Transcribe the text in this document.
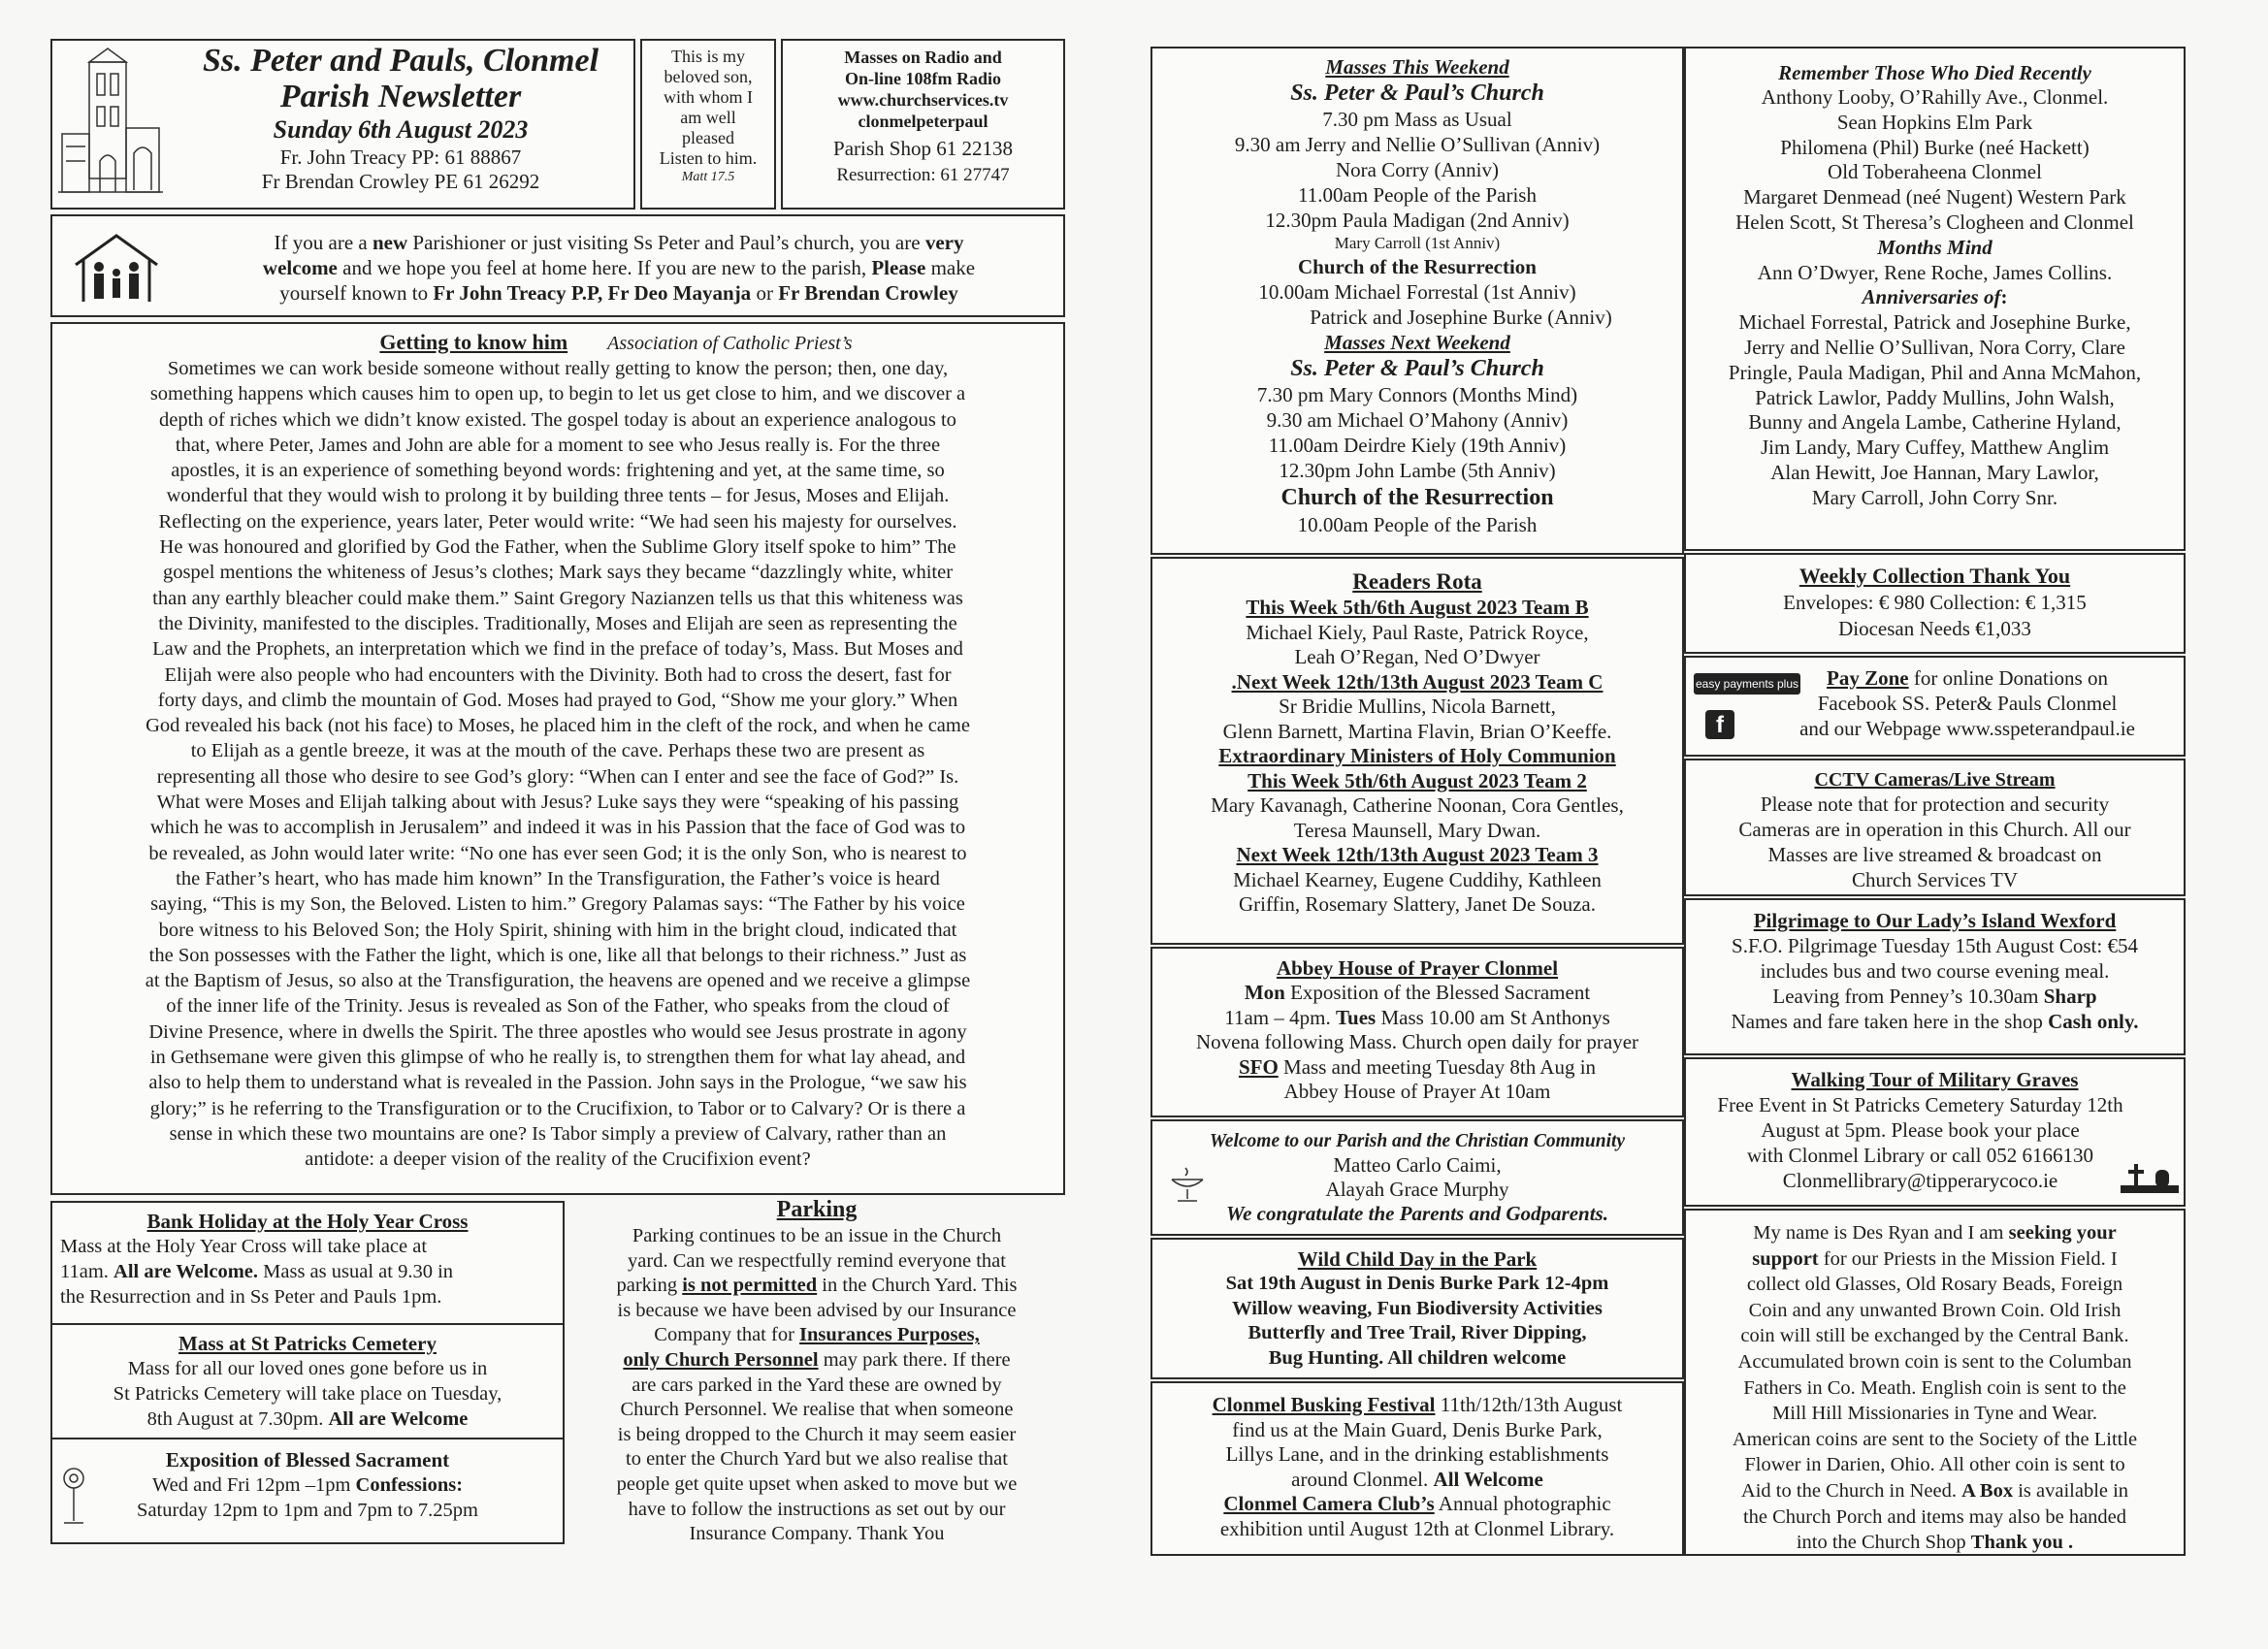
Ss. Peter and Pauls, Clonmel
Parish Newsletter
Sunday 6th August 2023
Fr. John Treacy PP: 61 88867
Fr Brendan Crowley PE 61 26292
This is my
beloved son,
with whom I
am well
pleased
Listen to him.
Matt 17.5
Masses on Radio and
On-line 108fm Radio
www.churchservices.tv
clonmelpeterpaul
Parish Shop 61 22138
Resurrection: 61 27747
If you are a new Parishioner or just visiting Ss Peter and Paul’s church, you are very
welcome and we hope you feel at home here. If you are new to the parish, Please make
yourself known to Fr John Treacy P.P, Fr Deo Mayanja or Fr Brendan Crowley
Getting to know him Association of Catholic Priest’s
Sometimes we can work beside someone without really getting to know the person; then, one day,
something happens which causes him to open up, to begin to let us get close to him, and we discover a
depth of riches which we didn’t know existed. The gospel today is about an experience analogous to
that, where Peter, James and John are able for a moment to see who Jesus really is. For the three
apostles, it is an experience of something beyond words: frightening and yet, at the same time, so
wonderful that they would wish to prolong it by building three tents – for Jesus, Moses and Elijah.
Reflecting on the experience, years later, Peter would write: “We had seen his majesty for ourselves.
He was honoured and glorified by God the Father, when the Sublime Glory itself spoke to him” The
gospel mentions the whiteness of Jesus’s clothes; Mark says they became “dazzlingly white, whiter
than any earthly bleacher could make them.” Saint Gregory Nazianzen tells us that this whiteness was
the Divinity, manifested to the disciples. Traditionally, Moses and Elijah are seen as representing the
Law and the Prophets, an interpretation which we find in the preface of today’s, Mass. But Moses and
Elijah were also people who had encounters with the Divinity. Both had to cross the desert, fast for
forty days, and climb the mountain of God. Moses had prayed to God, “Show me your glory.” When
God revealed his back (not his face) to Moses, he placed him in the cleft of the rock, and when he came
to Elijah as a gentle breeze, it was at the mouth of the cave. Perhaps these two are present as
representing all those who desire to see God’s glory: “When can I enter and see the face of God?” Is.
What were Moses and Elijah talking about with Jesus? Luke says they were “speaking of his passing
which he was to accomplish in Jerusalem” and indeed it was in his Passion that the face of God was to
be revealed, as John would later write: “No one has ever seen God; it is the only Son, who is nearest to
the Father’s heart, who has made him known” In the Transfiguration, the Father’s voice is heard
saying, “This is my Son, the Beloved. Listen to him.” Gregory Palamas says: “The Father by his voice
bore witness to his Beloved Son; the Holy Spirit, shining with him in the bright cloud, indicated that
the Son possesses with the Father the light, which is one, like all that belongs to their richness.” Just as
at the Baptism of Jesus, so also at the Transfiguration, the heavens are opened and we receive a glimpse
of the inner life of the Trinity. Jesus is revealed as Son of the Father, who speaks from the cloud of
Divine Presence, where in dwells the Spirit. The three apostles who would see Jesus prostrate in agony
in Gethsemane were given this glimpse of who he really is, to strengthen them for what lay ahead, and
also to help them to understand what is revealed in the Passion. John says in the Prologue, “we saw his
glory;” is he referring to the Transfiguration or to the Crucifixion, to Tabor or to Calvary? Or is there a
sense in which these two mountains are one? Is Tabor simply a preview of Calvary, rather than an
antidote: a deeper vision of the reality of the Crucifixion event?
Bank Holiday at the Holy Year Cross
Mass at the Holy Year Cross will take place at
11am. All are Welcome. Mass as usual at 9.30 in
the Resurrection and in Ss Peter and Pauls 1pm.
Mass at St Patricks Cemetery
Mass for all our loved ones gone before us in
St Patricks Cemetery will take place on Tuesday,
8th August at 7.30pm. All are Welcome
Exposition of Blessed Sacrament
Wed and Fri 12pm –1pm Confessions:
Saturday 12pm to 1pm and 7pm to 7.25pm
Parking
Parking continues to be an issue in the Church
yard. Can we respectfully remind everyone that
parking is not permitted in the Church Yard. This
is because we have been advised by our Insurance
Company that for Insurances Purposes,
only Church Personnel may park there. If there
are cars parked in the Yard these are owned by
Church Personnel. We realise that when someone
is being dropped to the Church it may seem easier
to enter the Church Yard but we also realise that
people get quite upset when asked to move but we
have to follow the instructions as set out by our
Insurance Company. Thank You
Masses This Weekend
Ss. Peter & Paul’s Church
7.30 pm Mass as Usual
9.30 am Jerry and Nellie O’Sullivan (Anniv)
Nora Corry (Anniv)
11.00am People of the Parish
12.30pm Paula Madigan (2nd Anniv)
Mary Carroll (1st Anniv)
Church of the Resurrection
10.00am Michael Forrestal (1st Anniv)
Patrick and Josephine Burke (Anniv)
Masses Next Weekend
Ss. Peter & Paul’s Church
7.30 pm Mary Connors (Months Mind)
9.30 am Michael O’Mahony (Anniv)
11.00am Deirdre Kiely (19th Anniv)
12.30pm John Lambe (5th Anniv)
Church of the Resurrection
10.00am People of the Parish
Readers Rota
This Week 5th/6th August 2023 Team B
Michael Kiely, Paul Raste, Patrick Royce,
Leah O’Regan, Ned O’Dwyer
.Next Week 12th/13th August 2023 Team C
Sr Bridie Mullins, Nicola Barnett,
Glenn Barnett, Martina Flavin, Brian O’Keeffe.
Extraordinary Ministers of Holy Communion
This Week 5th/6th August 2023 Team 2
Mary Kavanagh, Catherine Noonan, Cora Gentles,
Teresa Maunsell, Mary Dwan.
Next Week 12th/13th August 2023 Team 3
Michael Kearney, Eugene Cuddihy, Kathleen
Griffin, Rosemary Slattery, Janet De Souza.
Abbey House of Prayer Clonmel
Mon Exposition of the Blessed Sacrament
11am – 4pm. Tues Mass 10.00 am St Anthonys
Novena following Mass. Church open daily for prayer
SFO Mass and meeting Tuesday 8th Aug in
Abbey House of Prayer At 10am
Welcome to our Parish and the Christian Community
Matteo Carlo Caimi,
Alayah Grace Murphy
We congratulate the Parents and Godparents.
Wild Child Day in the Park
Sat 19th August in Denis Burke Park 12-4pm
Willow weaving, Fun Biodiversity Activities
Butterfly and Tree Trail, River Dipping,
Bug Hunting. All children welcome
Clonmel Busking Festival 11th/12th/13th August
find us at the Main Guard, Denis Burke Park,
Lillys Lane, and in the drinking establishments
around Clonmel. All Welcome
Clonmel Camera Club’s Annual photographic
exhibition until August 12th at Clonmel Library.
Remember Those Who Died Recently
Anthony Looby, O’Rahilly Ave., Clonmel.
Sean Hopkins Elm Park
Philomena (Phil) Burke (neé Hackett)
Old Toberaheena Clonmel
Margaret Denmead (neé Nugent) Western Park
Helen Scott, St Theresa’s Clogheen and Clonmel
Months Mind
Ann O’Dwyer, Rene Roche, James Collins.
Anniversaries of:
Michael Forrestal, Patrick and Josephine Burke,
Jerry and Nellie O’Sullivan, Nora Corry, Clare
Pringle, Paula Madigan, Phil and Anna McMahon,
Patrick Lawlor, Paddy Mullins, John Walsh,
Bunny and Angela Lambe, Catherine Hyland,
Jim Landy, Mary Cuffey, Matthew Anglim
Alan Hewitt, Joe Hannan, Mary Lawlor,
Mary Carroll, John Corry Snr.
Weekly Collection Thank You
Envelopes: € 980 Collection: € 1,315
Diocesan Needs €1,033
easy payments plus
f
Pay Zone for online Donations on
Facebook SS. Peter& Pauls Clonmel
and our Webpage www.sspeterandpaul.ie
CCTV Cameras/Live Stream
Please note that for protection and security
Cameras are in operation in this Church. All our
Masses are live streamed & broadcast on
Church Services TV
Pilgrimage to Our Lady’s Island Wexford
S.F.O. Pilgrimage Tuesday 15th August Cost: €54
includes bus and two course evening meal.
Leaving from Penney’s 10.30am Sharp
Names and fare taken here in the shop Cash only.
Walking Tour of Military Graves
Free Event in St Patricks Cemetery Saturday 12th
August at 5pm. Please book your place
with Clonmel Library or call 052 6166130
Clonmellibrary@tipperarycoco.ie
My name is Des Ryan and I am seeking your
support for our Priests in the Mission Field. I
collect old Glasses, Old Rosary Beads, Foreign
Coin and any unwanted Brown Coin. Old Irish
coin will still be exchanged by the Central Bank.
Accumulated brown coin is sent to the Columban
Fathers in Co. Meath. English coin is sent to the
Mill Hill Missionaries in Tyne and Wear.
American coins are sent to the Society of the Little
Flower in Darien, Ohio. All other coin is sent to
Aid to the Church in Need. A Box is available in
the Church Porch and items may also be handed
into the Church Shop Thank you .
